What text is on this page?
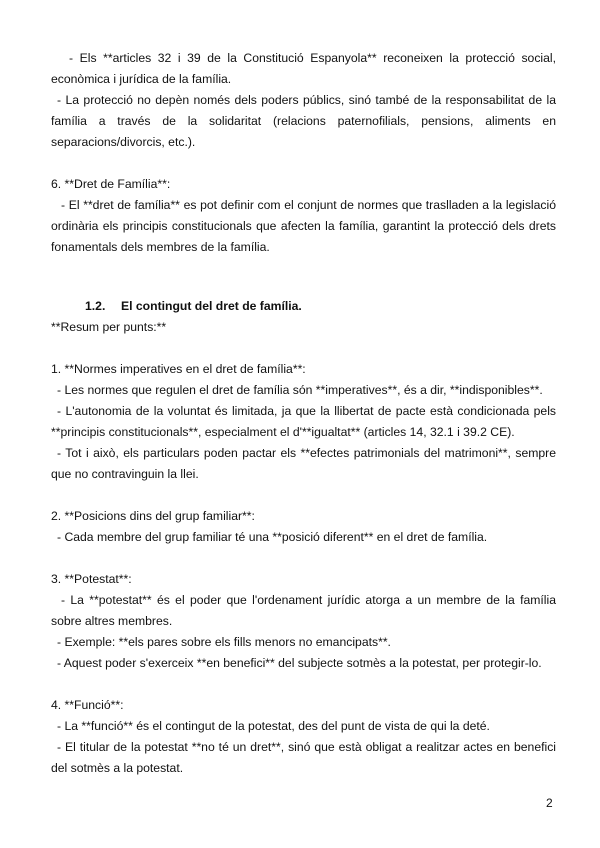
- Els **articles 32 i 39 de la Constitució Espanyola** reconeixen la protecció social, econòmica i jurídica de la família.

- La protecció no depèn només dels poders públics, sinó també de la responsabilitat de la família a través de la solidaritat (relacions paternofilials, pensions, aliments en separacions/divorcis, etc.).

6. **Dret de Família**:

- El **dret de família** es pot definir com el conjunt de normes que traslladen a la legislació ordinària els principis constitucionals que afecten la família, garantint la protecció dels drets fonamentals dels membres de la família.

1.2. El contingut del dret de família.

**Resum per punts:**

1. **Normes imperatives en el dret de família**:

- Les normes que regulen el dret de família són **imperatives**, és a dir, **indisponibles**.

- L'autonomia de la voluntat és limitada, ja que la llibertat de pacte està condicionada pels **principis constitucionals**, especialment el d'**igualtat** (articles 14, 32.1 i 39.2 CE).

- Tot i això, els particulars poden pactar els **efectes patrimonials del matrimoni**, sempre que no contravinguin la llei.

2. **Posicions dins del grup familiar**:

- Cada membre del grup familiar té una **posició diferent** en el dret de família.

3. **Potestat**:

- La **potestat** és el poder que l'ordenament jurídic atorga a un membre de la família sobre altres membres.

- Exemple: **els pares sobre els fills menors no emancipats**.

- Aquest poder s'exerceix **en benefici** del subjecte sotmès a la potestat, per protegir-lo.

4. **Funció**:

- La **funció** és el contingut de la potestat, des del punt de vista de qui la deté.

- El titular de la potestat **no té un dret**, sinó que està obligat a realitzar actes en benefici del sotmès a la potestat.

2
